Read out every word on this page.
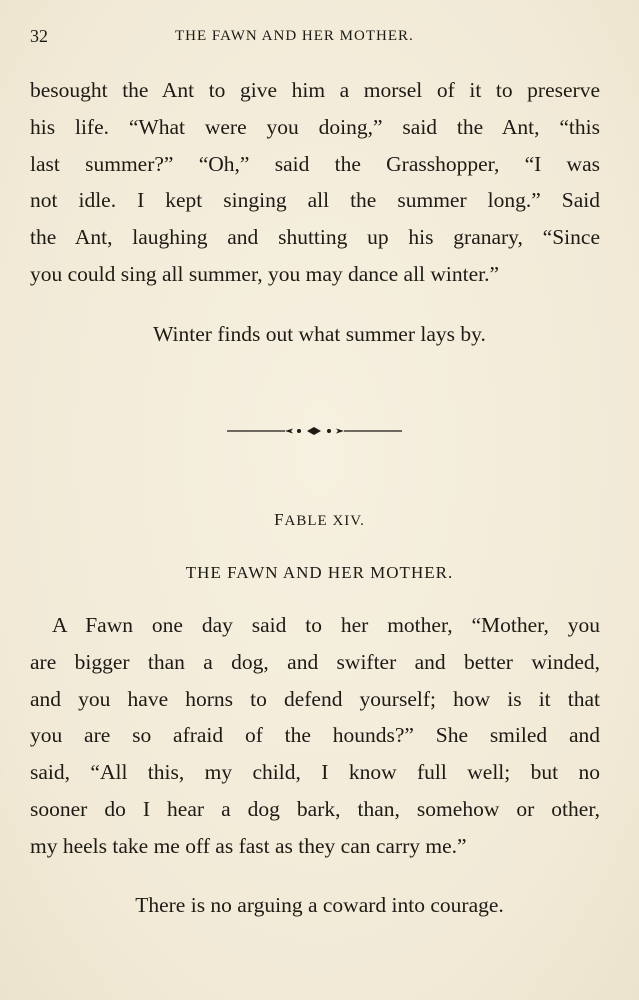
32	THE FAWN AND HER MOTHER.

besought the Ant to give him a morsel of it to preserve
his life. “What were you doing,” said the Ant, “this
last summer?” “Oh,” said the Grasshopper, “I was
not idle. I kept singing all the summer long.” Said
the Ant, laughing and shutting up his granary, “Since
you could sing all summer, you may dance all winter.”

Winter finds out what summer lays by.

FABLE XIV.
THE FAWN AND HER MOTHER.

A Fawn one day said to her mother, “Mother, you
are bigger than a dog, and swifter and better winded,
and you have horns to defend yourself; how is it that
you are so afraid of the hounds?” She smiled and
said, “All this, my child, I know full well; but no
sooner do I hear a dog bark, than, somehow or other,
my heels take me off as fast as they can carry me.”

There is no arguing a coward into courage.
